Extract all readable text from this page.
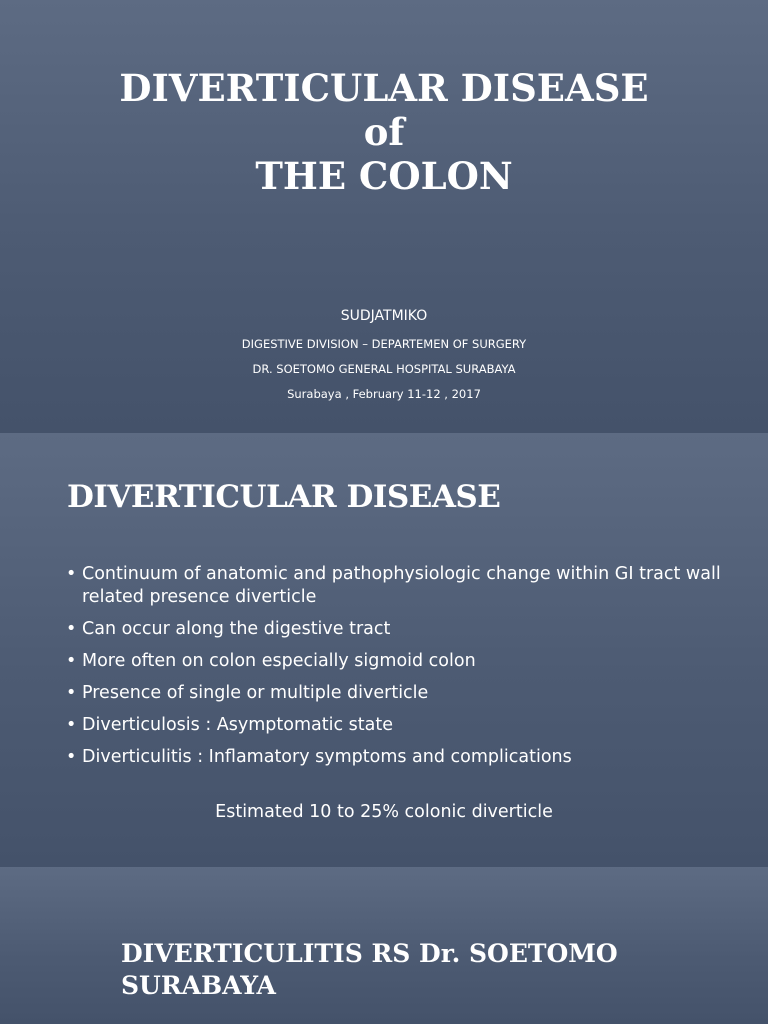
DIVERTICULAR DISEASE
of
THE COLON

SUDJATMIKO

DIGESTIVE DIVISION – DEPARTEMEN OF SURGERY

DR. SOETOMO GENERAL HOSPITAL SURABAYA

Surabaya , February 11-12 , 2017

DIVERTICULAR DISEASE
• Continuum of anatomic and pathophysiologic change within GI tract wall related presence diverticle
• Can occur along the digestive tract
• More often on colon especially sigmoid colon
• Presence of single or multiple diverticle
• Diverticulosis : Asymptomatic state
• Diverticulitis : Inflamatory symptoms and complications

Estimated 10 to 25% colonic diverticle

DIVERTICULITIS RS Dr. SOETOMO
SURABAYA
